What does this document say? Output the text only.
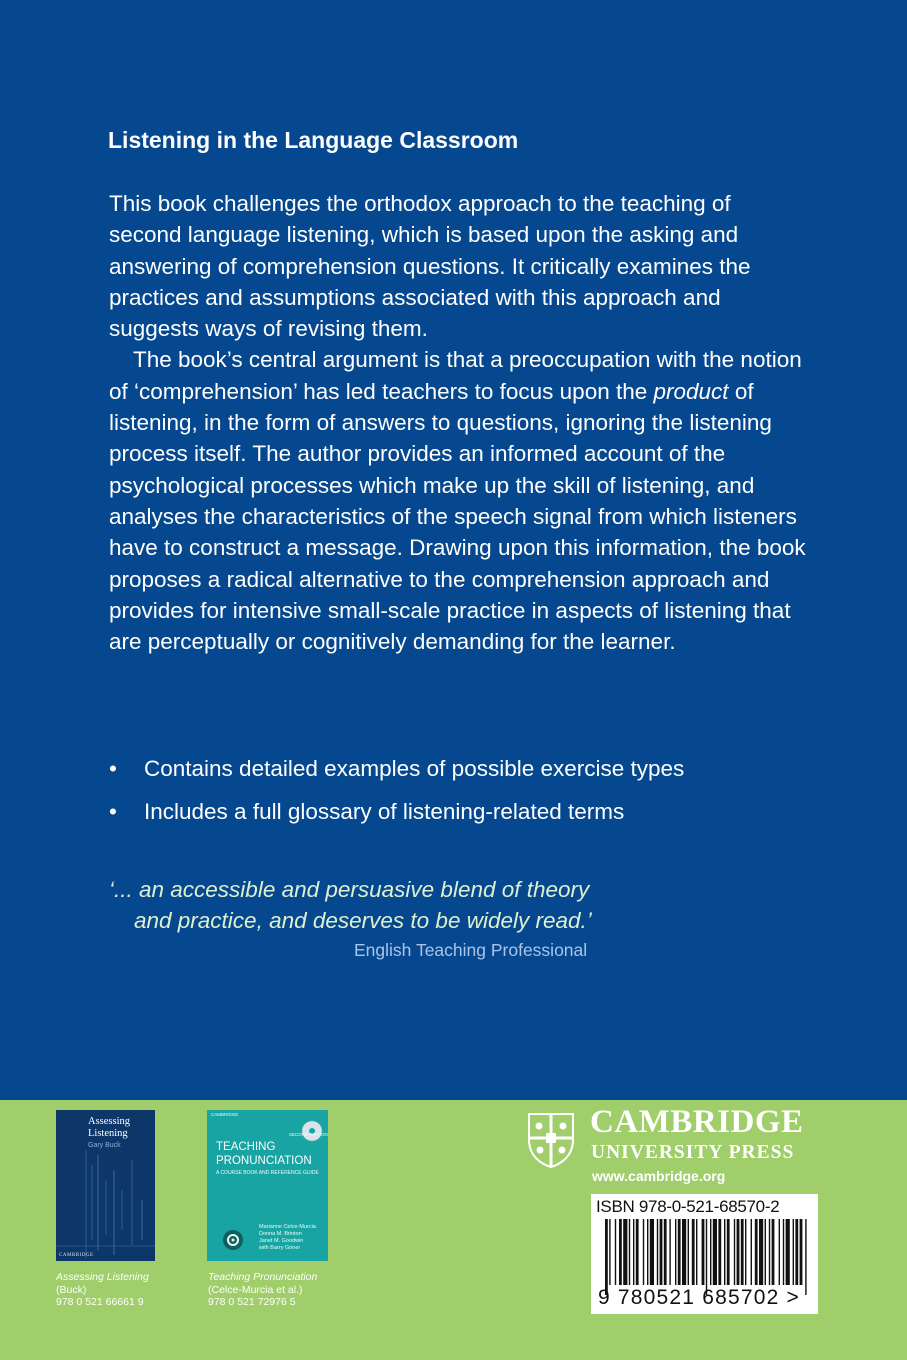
Listening in the Language Classroom

This book challenges the orthodox approach to the teaching of second language listening, which is based upon the asking and answering of comprehension questions. It critically examines the practices and assumptions associated with this approach and suggests ways of revising them.

The book’s central argument is that a preoccupation with the notion of ‘comprehension’ has led teachers to focus upon the product of listening, in the form of answers to questions, ignoring the listening process itself. The author provides an informed account of the psychological processes which make up the skill of listening, and analyses the characteristics of the speech signal from which listeners have to construct a message. Drawing upon this information, the book proposes a radical alternative to the comprehension approach and provides for intensive small-scale practice in aspects of listening that are perceptually or cognitively demanding for the learner.

• Contains detailed examples of possible exercise types
• Includes a full glossary of listening-related terms
‘... an accessible and persuasive blend of theory
and practice, and deserves to be widely read.’
English Teaching Professional
Assessing
Listening
Gary Buck
CAMBRIDGE
CAMBRIDGE
SECOND EDITION
TEACHING
PRONUNCIATION
A COURSE BOOK AND REFERENCE GUIDE
Marianne Celce-Murcia
Donna M. Brinton
Janet M. Goodwin
with Barry Griner
Assessing Listening
(Buck)
978 0 521 66661 9
Teaching Pronunciation
(Celce-Murcia et al.)
978 0 521 72976 5
CAMBRIDGE
UNIVERSITY PRESS
www.cambridge.org
ISBN 978-0-521-68570-2
9 780521 685702 >
